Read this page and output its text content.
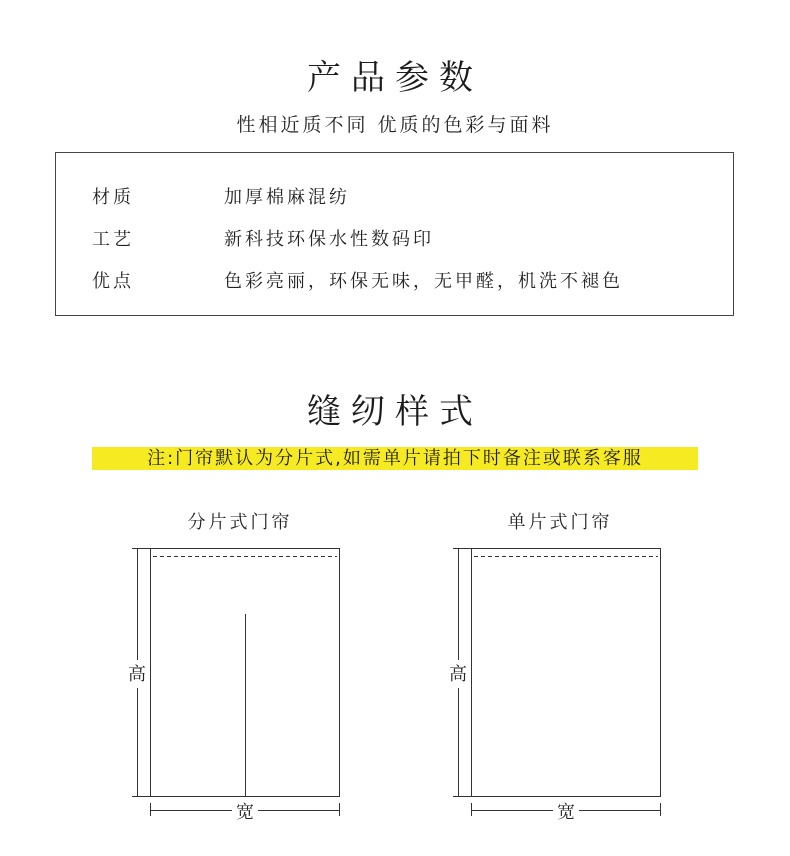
产品参数
性相近质不同 优质的色彩与面料
材质	加厚棉麻混纺
工艺	新科技环保水性数码印
优点	色彩亮丽，环保无味，无甲醛，机洗不褪色
缝纫样式
注:门帘默认为分片式,如需单片请拍下时备注或联系客服
分片式门帘	单片式门帘
高
宽
高
宽
